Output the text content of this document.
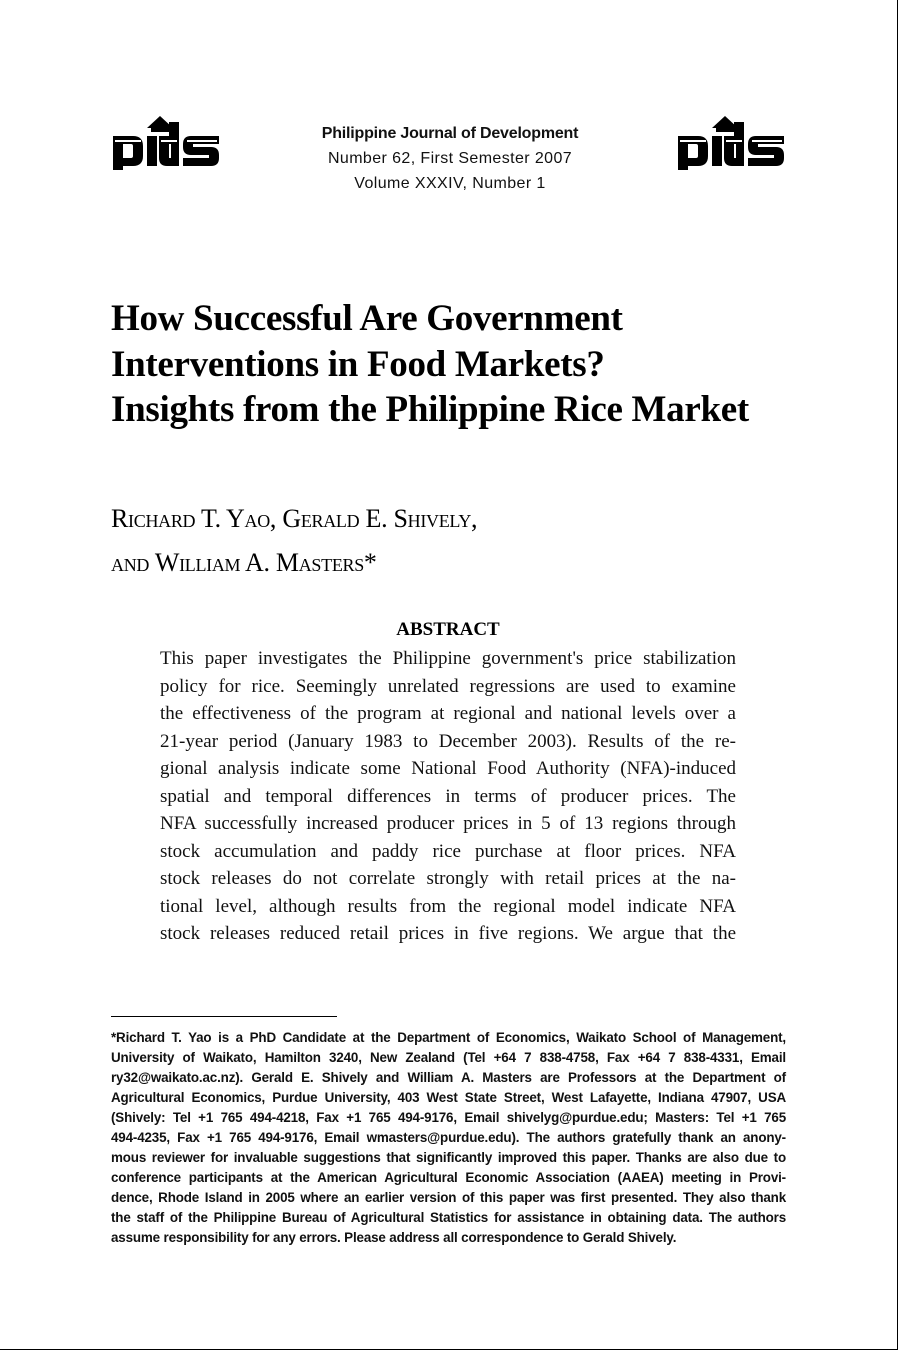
Philippine Journal of Development
Number 62, First Semester 2007
Volume XXXIV, Number 1
How Successful Are Government
Interventions in Food Markets?
Insights from the Philippine Rice Market
Richard T. Yao, Gerald E. Shively,
and William A. Masters*
ABSTRACT
This paper investigates the Philippine government's price stabilization
policy for rice. Seemingly unrelated regressions are used to examine
the effectiveness of the program at regional and national levels over a
21-year period (January 1983 to December 2003). Results of the re-
gional analysis indicate some National Food Authority (NFA)-induced
spatial and temporal differences in terms of producer prices. The
NFA successfully increased producer prices in 5 of 13 regions through
stock accumulation and paddy rice purchase at floor prices. NFA
stock releases do not correlate strongly with retail prices at the na-
tional level, although results from the regional model indicate NFA
stock releases reduced retail prices in five regions. We argue that the
*Richard T. Yao is a PhD Candidate at the Department of Economics, Waikato School of Management,
University of Waikato, Hamilton 3240, New Zealand (Tel +64 7 838-4758, Fax +64 7 838-4331, Email
ry32@waikato.ac.nz). Gerald E. Shively and William A. Masters are Professors at the Department of
Agricultural Economics, Purdue University, 403 West State Street, West Lafayette, Indiana 47907, USA
(Shively: Tel +1 765 494-4218, Fax +1 765 494-9176, Email shivelyg@purdue.edu; Masters: Tel +1 765
494-4235, Fax +1 765 494-9176, Email wmasters@purdue.edu). The authors gratefully thank an anony-
mous reviewer for invaluable suggestions that significantly improved this paper. Thanks are also due to
conference participants at the American Agricultural Economic Association (AAEA) meeting in Provi-
dence, Rhode Island in 2005 where an earlier version of this paper was first presented. They also thank
the staff of the Philippine Bureau of Agricultural Statistics for assistance in obtaining data. The authors
assume responsibility for any errors. Please address all correspondence to Gerald Shively.
